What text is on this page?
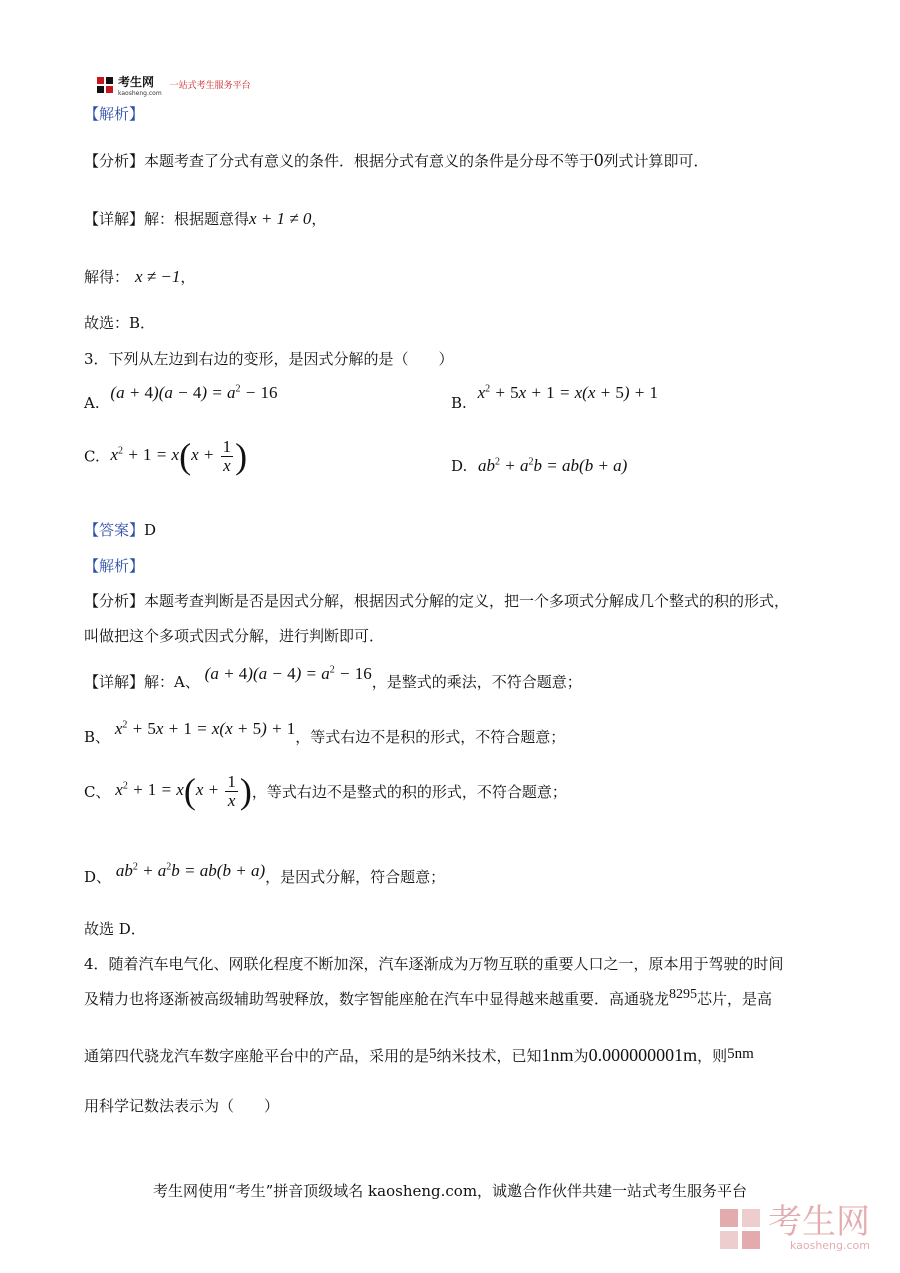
考生网
kaosheng.com
一站式考生服务平台
【解析】
【分析】本题考查了分式有意义的条件．根据分式有意义的条件是分母不等于0列式计算即可．
【详解】解：根据题意得x + 1 ≠ 0，
解得： x ≠ −1，
故选：B．
3．下列从左边到右边的变形，是因式分解的是（　　）
A. $(a + 4)(a - 4) = a^2 - 16$
B. $x^2 + 5x + 1 = x(x + 5) + 1$
C. $x^2 + 1 = x(x + \frac{1}{x}$ )	D. $ab^2 + a^2b = ab(b + a)$
【答案】D
【解析】
【分析】本题考查判断是否是因式分解，根据因式分解的定义，把一个多项式分解成几个整式的积的形式，
叫做把这个多项式因式分解，进行判断即可．
【详解】解：A、 $(a + 4)(a - 4) = a^2 - 16$，是整式的乘法，不符合题意；
B、 $x^2 + 5x + 1 = x(x + 5) + 1$，等式右边不是积的形式，不符合题意；
C、 $x^2 + 1 = x(x + \frac{1}{x}$ )，等式右边不是整式的积的形式，不符合题意；
D、 $ab^2 + a^2b = ab(b + a)$，是因式分解，符合题意；
故选 D．
4．随着汽车电气化、网联化程度不断加深，汽车逐渐成为万物互联的重要人口之一，原本用于驾驶的时间
及精力也将逐渐被高级辅助驾驶释放，数字智能座舱在汽车中显得越来越重要．高通骁龙8295芯片，是高
通第四代骁龙汽车数字座舱平台中的产品，采用的是5纳米技术，已知1nm为0.000000001m，则5nm
用科学记数法表示为（　　）
考生网使用“考生”拼音顶级域名 kaosheng.com，诚邀合作伙伴共建一站式考生服务平台
考生网
kaosheng.com
